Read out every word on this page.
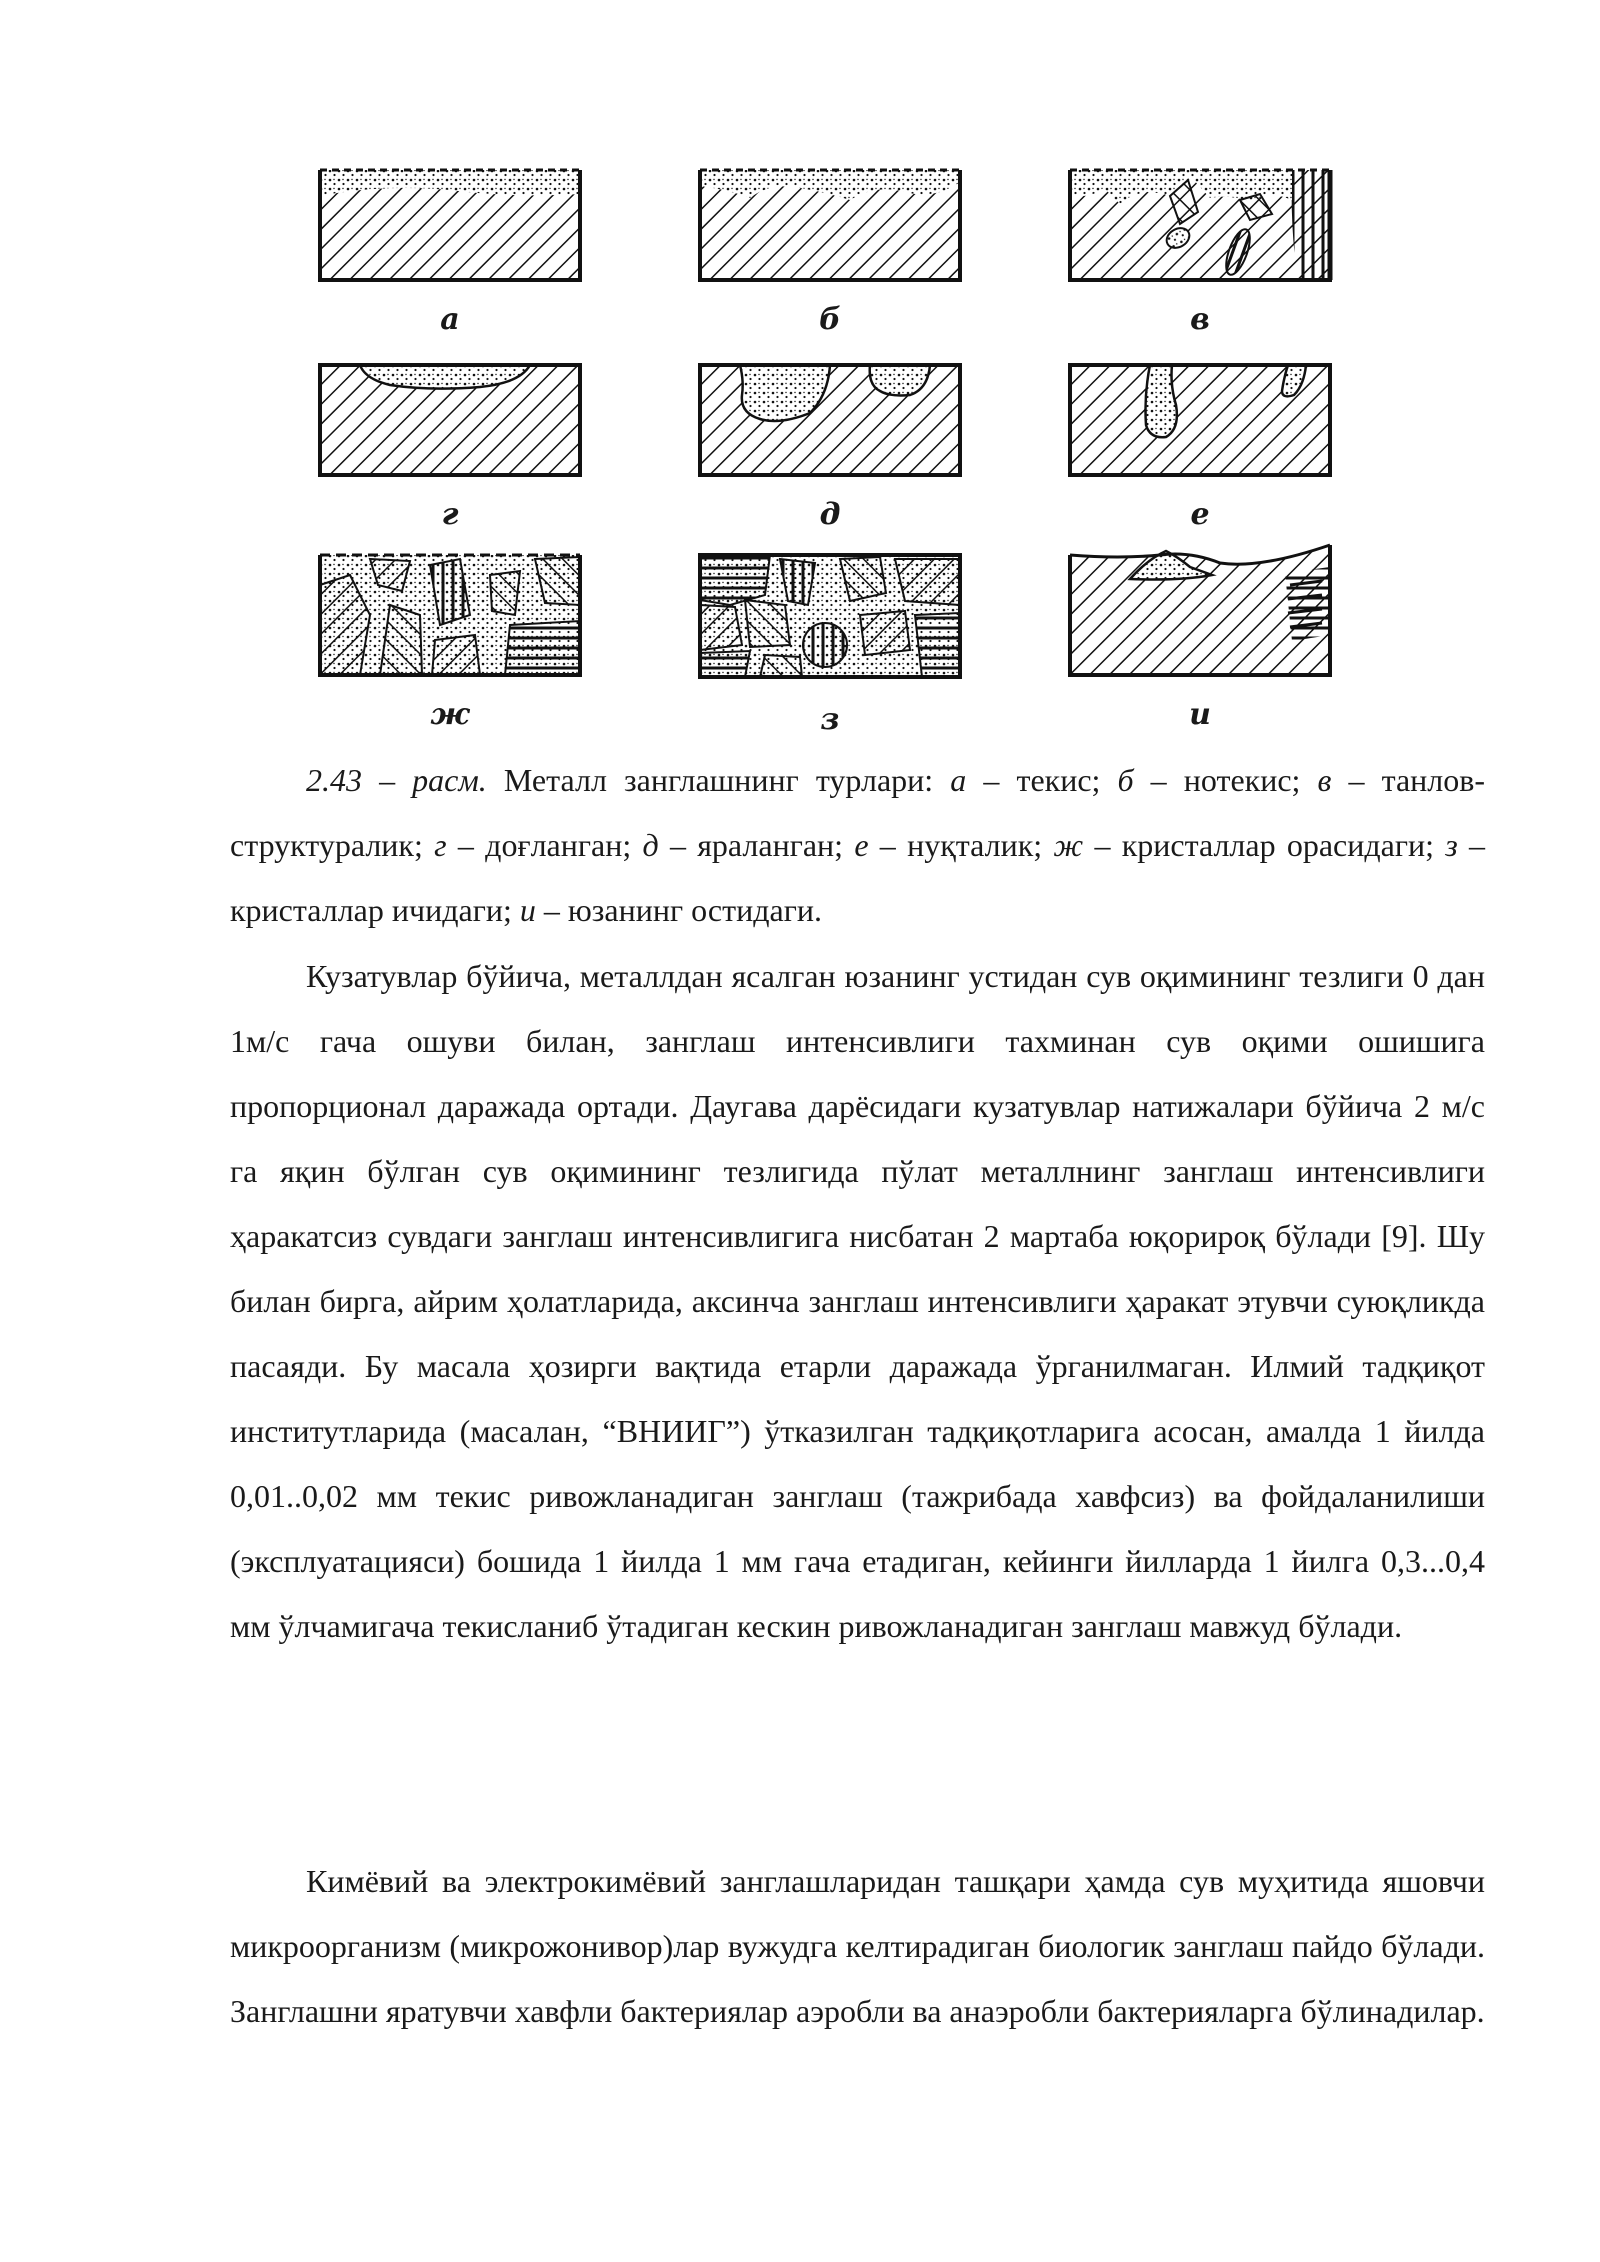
а	б	в
г	д	е
ж	з	и

2.43 – расм. Металл занглашнинг турлари: а – текис; б – нотекис; в – танлов-структуралик; г – доғланган; д – яраланган; е – нуқталик; ж – кристаллар орасидаги; з – кристаллар ичидаги; и – юзанинг остидаги.

Кузатувлар бўйича, металлдан ясалган юзанинг устидан сув оқимининг тезлиги 0 дан 1м/с гача ошуви билан, занглаш интенсивлиги тахминан сув оқими ошишига пропорционал даражада ортади. Даугава дарёсидаги кузатувлар натижалари бўйича 2 м/с га яқин бўлган сув оқимининг тезлигида пўлат металлнинг занглаш интенсивлиги ҳаракатсиз сувдаги занглаш интенсивлигига нисбатан 2 мартаба юқорироқ бўлади [9]. Шу билан бирга, айрим ҳолатларида, аксинча занглаш интенсивлиги ҳаракат этувчи суюқликда пасаяди. Бу масала ҳозирги вақтида етарли даражада ўрганилмаган. Илмий тадқиқот институтларида (масалан, “ВНИИГ”) ўтказилган тадқиқотларига асосан, амалда 1 йилда 0,01..0,02 мм текис ривожланадиган занглаш (тажрибада хавфсиз) ва фойдаланилиши (эксплуатацияси) бошида 1 йилда 1 мм гача етадиган, кейинги йилларда 1 йилга 0,3...0,4 мм ўлчамигача текисланиб ўтадиган кескин ривожланадиган занглаш мавжуд бўлади.

Кимёвий ва электрокимёвий занглашларидан ташқари ҳамда сув муҳитида яшовчи микроорганизм (микрожонивор)лар вужудга келтирадиган биологик занглаш пайдо бўлади. Занглашни яратувчи хавфли бактериялар аэробли ва анаэробли бактерияларга бўлинадилар.
